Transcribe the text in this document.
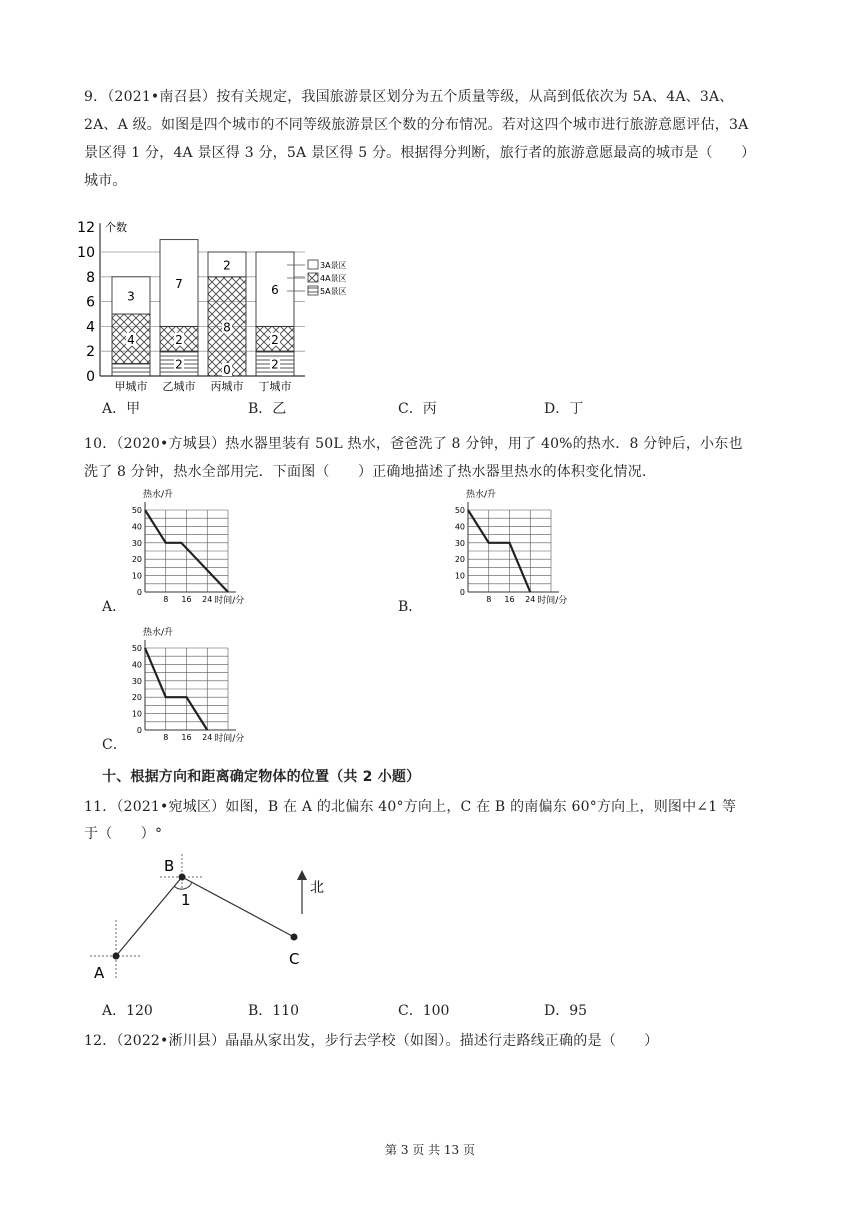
9．（2021•南召县）按有关规定，我国旅游景区划分为五个质量等级，从高到低依次为 5A、4A、3A、
2A、A 级。如图是四个城市的不同等级旅游景区个数的分布情况。若对这四个城市进行旅游意愿评估，3A
景区得 1 分，4A 景区得 3 分，5A 景区得 5 分。根据得分判断，旅行者的旅游意愿最高的城市是（　　）
城市。
0
2
4
6
8
10
12 个数
4
3
甲城市
2
2
7
乙城市
0
8
2
丙城市
2
2
6
丁城市
3A景区
4A景区
5A景区
A．甲	B．乙	C．丙	D．丁
10．（2020•方城县）热水器里装有 50L 热水，爸爸洗了 8 分钟，用了 40%的热水．8 分钟后，小东也
洗了 8 分钟，热水全部用完．下面图（　　）正确地描述了热水器里热水的体积变化情况．
A．
0
10
20
30
40
50
8 16 24
热水/升
时间/分	B．
0
10
20
30
40
50
8 16 24
热水/升
时间/分
C．
0
10
20
30
40
50
8 16 24
热水/升
时间/分
十、根据方向和距离确定物体的位置（共 2 小题）
11．（2021•宛城区）如图，B 在 A 的北偏东 40°方向上，C 在 B 的南偏东 60°方向上，则图中∠1 等
于（　　）°
A
B
C
1
北
A．120	B．110	C．100	D．95
12．（2022•淅川县）晶晶从家出发，步行去学校（如图）。描述行走路线正确的是（　　）
第 3 页 共 13 页
